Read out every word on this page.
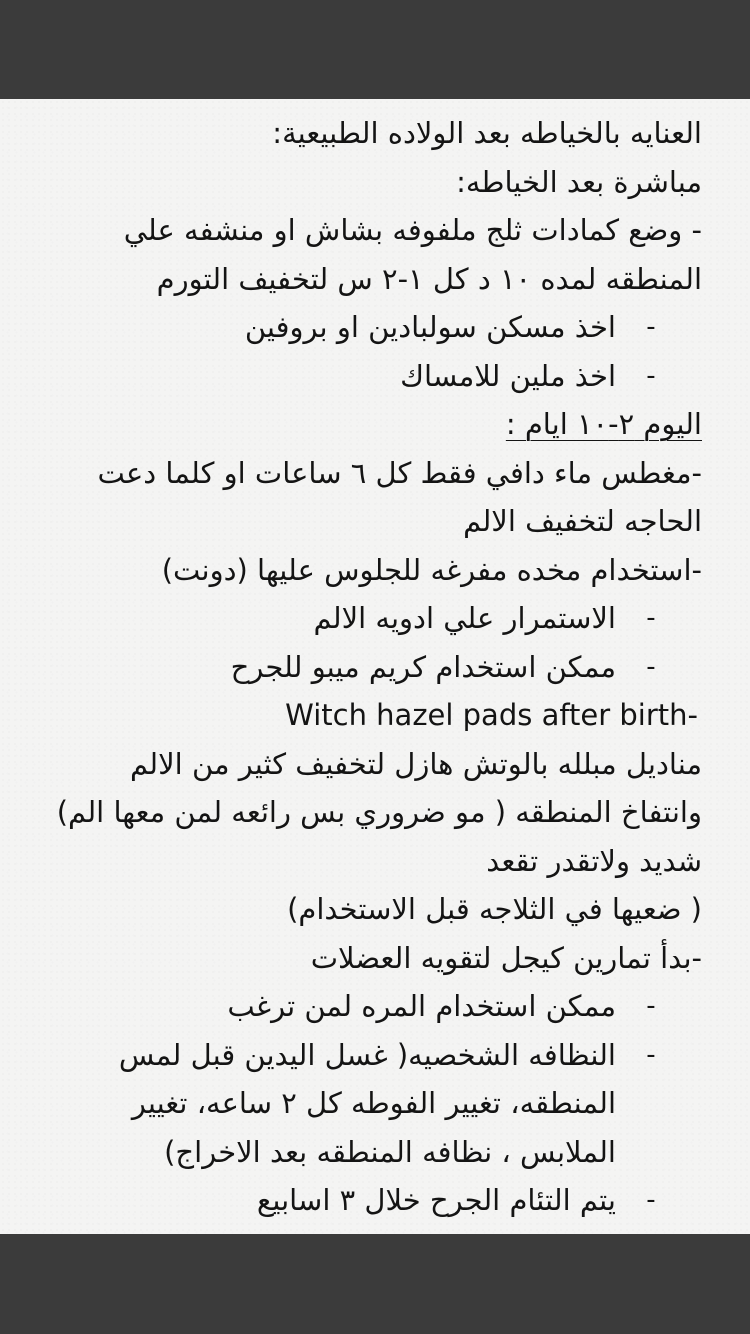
العنايه بالخياطه بعد الولاده الطبيعية:
مباشرة بعد الخياطه:
- وضع كمادات ثلج ملفوفه بشاش او منشفه علي المنطقه لمده ١٠ د كل ١-٢ س لتخفيف التورم
-
اخذ مسكن سولبادين او بروفين
-
اخذ ملين للامساك
اليوم ٢-١٠ ايام :
-مغطس ماء دافي فقط كل ٦ ساعات او كلما دعت الحاجه لتخفيف الالم
-استخدام مخده مفرغه للجلوس عليها (دونت)
-
الاستمرار علي ادويه الالم
-
ممكن استخدام كريم ميبو للجرح
Witch hazel pads after birth-
مناديل مبلله بالوتش هازل لتخفيف كثير من الالم وانتفاخ المنطقه ( مو ضروري بس رائعه لمن معها الم) شديد ولاتقدر تقعد
( ضعيها في الثلاجه قبل الاستخدام)
-بدأ تمارين كيجل لتقويه العضلات
-
ممكن استخدام المره لمن ترغب
-
النظافه الشخصيه( غسل اليدين قبل لمس المنطقه، تغيير الفوطه كل ٢ ساعه، تغيير الملابس ، نظافه المنطقه بعد الاخراج)
-
يتم التئام الجرح خلال ٣ اسابيع
